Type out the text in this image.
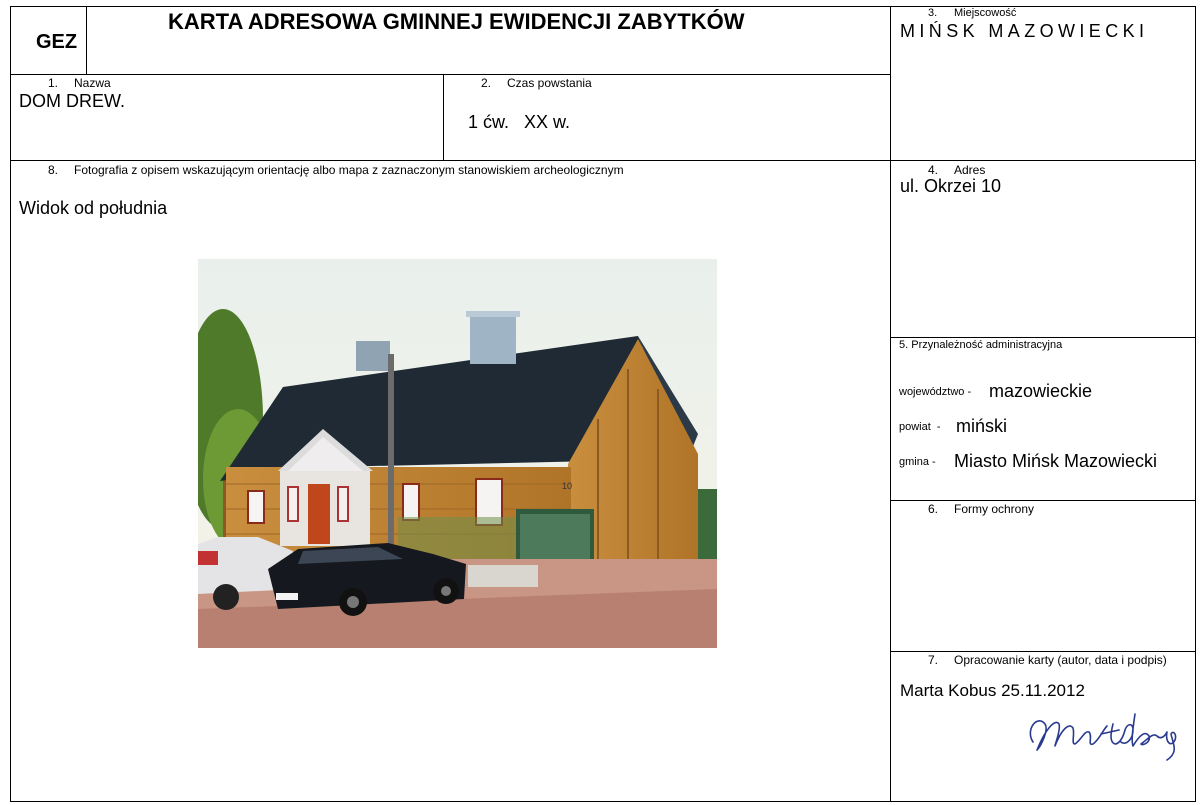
GEZ
KARTA ADRESOWA GMINNEJ EWIDENCJI ZABYTKÓW	3. Miejscowość
MIŃSK MAZOWIECKI
1. Nazwa
DOM DREW.
2. Czas powstania
1 ćw.   XX w.
8. Fotografia z opisem wskazującym orientację albo mapa z zaznaczonym stanowiskiem archeologicznym
Widok od południa
10
4. Adres
ul. Okrzei 10
5. Przynależność administracyjna
województwo - mazowieckie
powiat  - miński
gmina - Miasto Mińsk Mazowiecki
6. Formy ochrony
7. Opracowanie karty (autor, data i podpis)
Marta Kobus 25.11.2012
